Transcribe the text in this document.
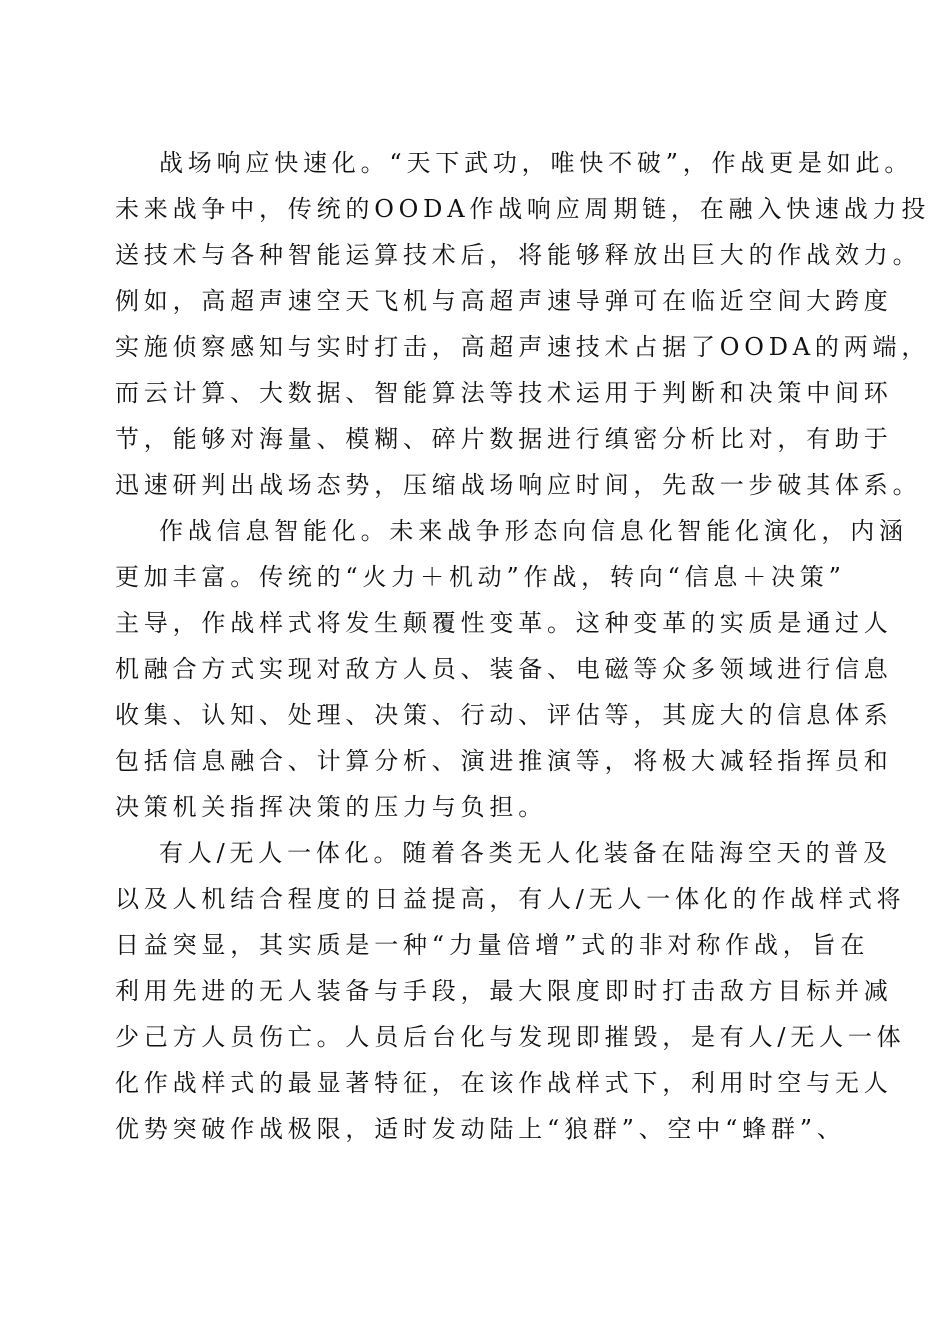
战场响应快速化。“天下武功，唯快不破”，作战更是如此。
未来战争中，传统的OODA作战响应周期链，在融入快速战力投
送技术与各种智能运算技术后，将能够释放出巨大的作战效力。
例如，高超声速空天飞机与高超声速导弹可在临近空间大跨度
实施侦察感知与实时打击，高超声速技术占据了OODA的两端，
而云计算、大数据、智能算法等技术运用于判断和决策中间环
节，能够对海量、模糊、碎片数据进行缜密分析比对，有助于
迅速研判出战场态势，压缩战场响应时间，先敌一步破其体系。

作战信息智能化。未来战争形态向信息化智能化演化，内涵
更加丰富。传统的“火力＋机动”作战，转向“信息＋决策”
主导，作战样式将发生颠覆性变革。这种变革的实质是通过人
机融合方式实现对敌方人员、装备、电磁等众多领域进行信息
收集、认知、处理、决策、行动、评估等，其庞大的信息体系
包括信息融合、计算分析、演进推演等，将极大减轻指挥员和
决策机关指挥决策的压力与负担。

有人/无人一体化。随着各类无人化装备在陆海空天的普及
以及人机结合程度的日益提高，有人/无人一体化的作战样式将
日益突显，其实质是一种“力量倍增”式的非对称作战，旨在
利用先进的无人装备与手段，最大限度即时打击敌方目标并减
少己方人员伤亡。人员后台化与发现即摧毁，是有人/无人一体
化作战样式的最显著特征，在该作战样式下，利用时空与无人
优势突破作战极限，适时发动陆上“狼群”、空中“蜂群”、
